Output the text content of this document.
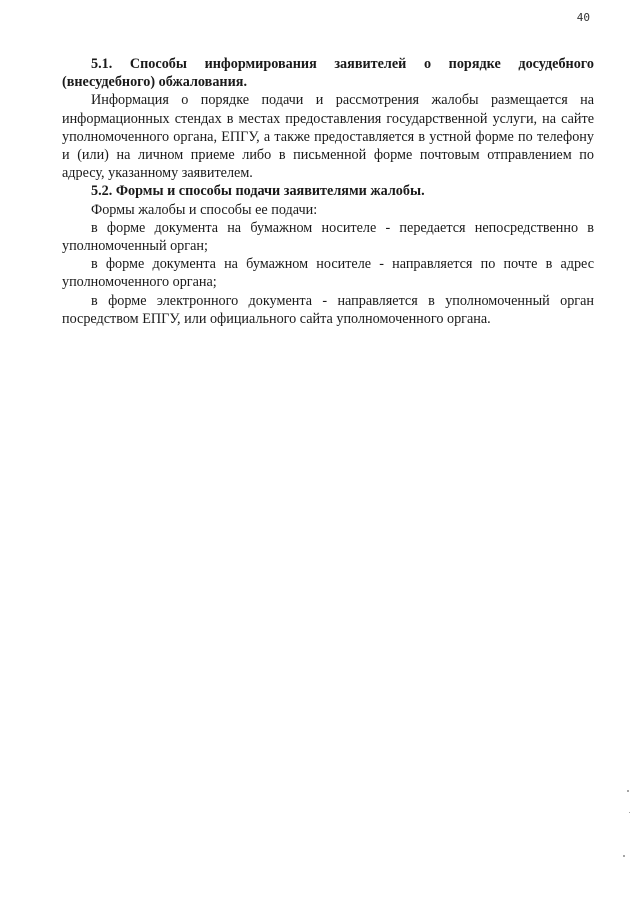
40

5.1. Способы информирования заявителей о порядке досудебного (внесудебного) обжалования.

Информация о порядке подачи и рассмотрения жалобы размещается на информационных стендах в местах предоставления государственной услуги, на сайте уполномоченного органа, ЕПГУ, а также предоставляется в устной форме по телефону и (или) на личном приеме либо в письменной форме почтовым отправлением по адресу, указанному заявителем.

5.2. Формы и способы подачи заявителями жалобы.

Формы жалобы и способы ее подачи:

в форме документа на бумажном носителе - передается непосредственно в уполномоченный орган;

в форме документа на бумажном носителе - направляется по почте в адрес уполномоченного органа;

в форме электронного документа - направляется в уполномоченный орган посредством ЕПГУ, или официального сайта уполномоченного органа.
